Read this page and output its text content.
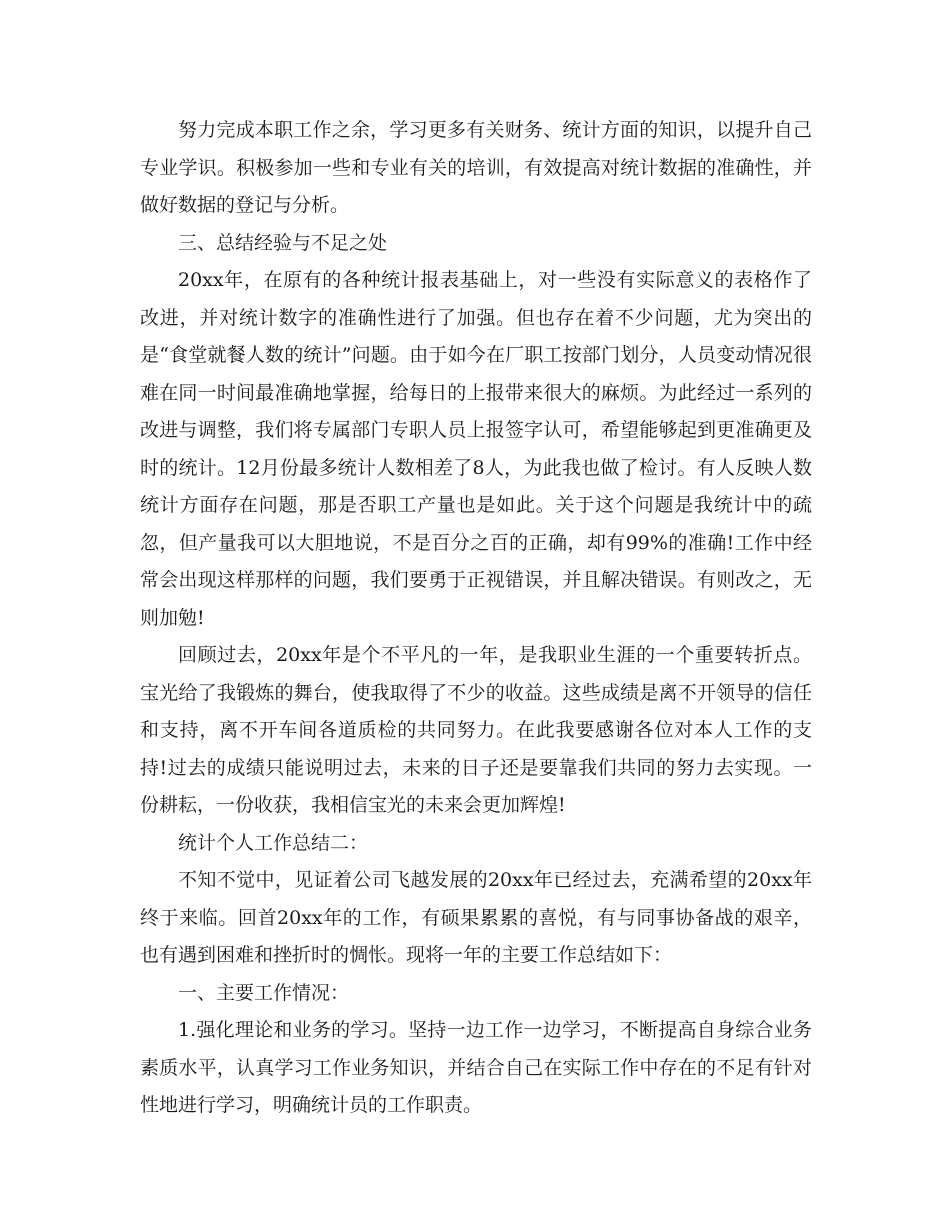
努力完成本职工作之余，学习更多有关财务、统计方面的知识，以提升自己专业学识。积极参加一些和专业有关的培训，有效提高对统计数据的准确性，并做好数据的登记与分析。

三、总结经验与不足之处

20xx年，在原有的各种统计报表基础上，对一些没有实际意义的表格作了改进，并对统计数字的准确性进行了加强。但也存在着不少问题，尤为突出的是“食堂就餐人数的统计”问题。由于如今在厂职工按部门划分，人员变动情况很难在同一时间最准确地掌握，给每日的上报带来很大的麻烦。为此经过一系列的改进与调整，我们将专属部门专职人员上报签字认可，希望能够起到更准确更及时的统计。12月份最多统计人数相差了8人，为此我也做了检讨。有人反映人数统计方面存在问题，那是否职工产量也是如此。关于这个问题是我统计中的疏忽，但产量我可以大胆地说，不是百分之百的正确，却有99%的准确!工作中经常会出现这样那样的问题，我们要勇于正视错误，并且解决错误。有则改之，无则加勉!

回顾过去，20xx年是个不平凡的一年，是我职业生涯的一个重要转折点。宝光给了我锻炼的舞台，使我取得了不少的收益。这些成绩是离不开领导的信任和支持，离不开车间各道质检的共同努力。在此我要感谢各位对本人工作的支持!过去的成绩只能说明过去，未来的日子还是要靠我们共同的努力去实现。一份耕耘，一份收获，我相信宝光的未来会更加辉煌!

统计个人工作总结二：

不知不觉中，见证着公司飞越发展的20xx年已经过去，充满希望的20xx年终于来临。回首20xx年的工作，有硕果累累的喜悦，有与同事协备战的艰辛，也有遇到困难和挫折时的惆怅。现将一年的主要工作总结如下：

一、主要工作情况：

1.强化理论和业务的学习。坚持一边工作一边学习，不断提高自身综合业务素质水平，认真学习工作业务知识，并结合自己在实际工作中存在的不足有针对性地进行学习，明确统计员的工作职责。
